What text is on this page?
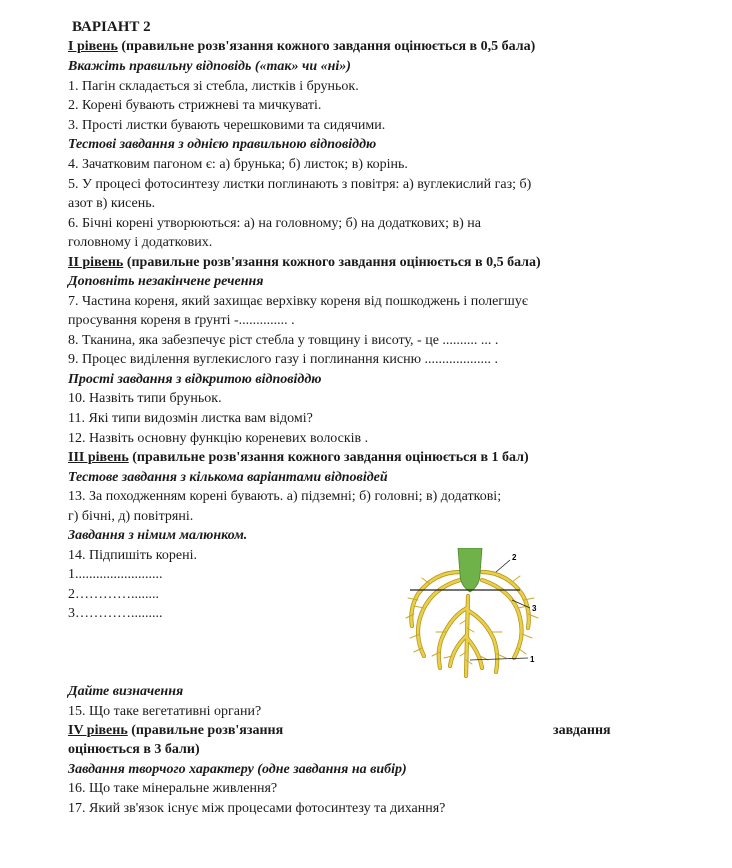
ВАРІАНТ 2
І рівень (правильне розв'язання кожного завдання оцінюється в 0,5 бала)
Вкажіть правильну відповідь («так» чи «ні»)
1. Пагін складається зі стебла, листків і бруньок.
2. Корені бувають стрижневі та мичкуваті.
3. Прості листки бувають черешковими та сидячими.
Тестові завдання з однією правильною відповіддю
4. Зачатковим пагоном є: а) брунька; б) листок; в) корінь.
5. У процесі фотосинтезу листки поглинають з повітря: а) вуглекислий газ; б)
азот в) кисень.
6. Бічні корені утворюються: а) на головному; б) на додаткових; в) на
головному і додаткових.
ІІ рівень (правильне розв'язання кожного завдання оцінюється в 0,5 бала)
Доповніть незакінчене речення
7. Частина кореня, який захищає верхівку кореня від пошкоджень і полегшує
просування кореня в ґрунті -.............. .
8. Тканина, яка забезпечує ріст стебла у товщину і висоту, - це .......... ... .
9. Процес виділення вуглекислого газу і поглинання кисню ................... .
Прості завдання з відкритою відповіддю
10. Назвіть типи бруньок.
11. Які типи видозмін листка вам відомі?
12. Назвіть основну функцію кореневих волосків .
ІІІ рівень (правильне розв'язання кожного завдання оцінюється в 1 бал)
Тестове завдання з кількома варіантами відповідей
13. За походженням корені бувають. а) підземні; б) головні; в) додаткові;
г) бічні, д) повітряні.
Завдання з німим малюнком.
14. Підпишіть корені.
1.........................
2…………........
3………….........
2
3
1
Дайте визначення
15. Що таке вегетативні органи?
IV рівень (правильне розв'язання	завдання
оцінюється в 3 бали)
Завдання творчого характеру (одне завдання на вибір)
16. Що таке мінеральне живлення?
17. Який зв'язок існує між процесами фотосинтезу та дихання?
